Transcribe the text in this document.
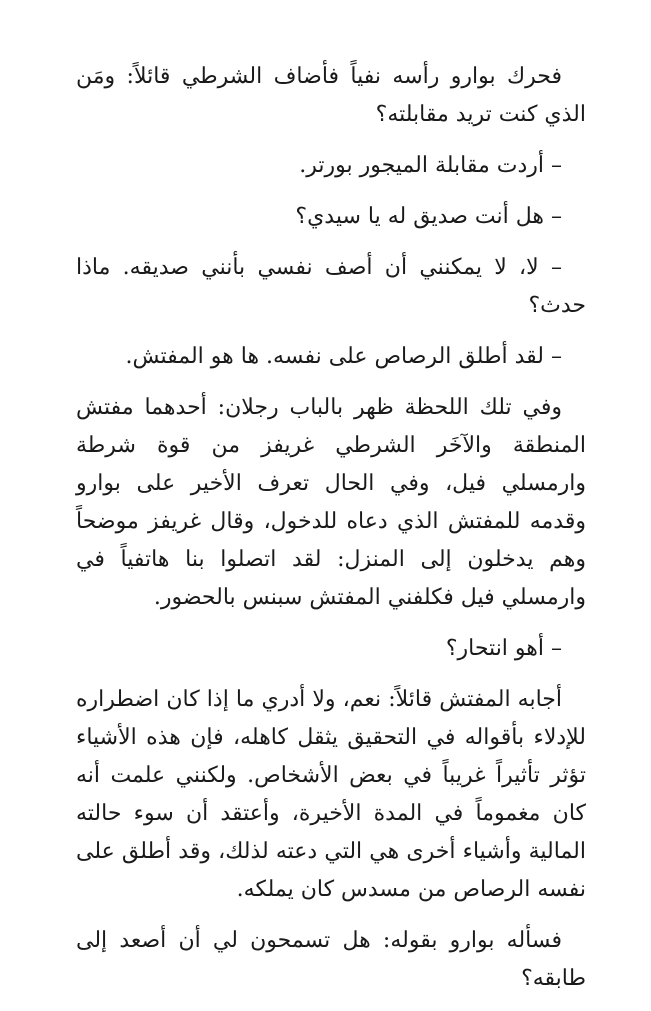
فحرك بوارو رأسه نفياً فأضاف الشرطي قائلاً: ومَن الذي كنت تريد مقابلته؟

– أردت مقابلة الميجور بورتر.

– هل أنت صديق له يا سيدي؟

– لا، لا يمكنني أن أصف نفسي بأنني صديقه. ماذا حدث؟

– لقد أطلق الرصاص على نفسه. ها هو المفتش.

وفي تلك اللحظة ظهر بالباب رجلان: أحدهما مفتش المنطقة والآخَر الشرطي غريفز من قوة شرطة وارمسلي فيل، وفي الحال تعرف الأخير على بوارو وقدمه للمفتش الذي دعاه للدخول، وقال غريفز موضحاً وهم يدخلون إلى المنزل: لقد اتصلوا بنا هاتفياً في وارمسلي فيل فكلفني المفتش سبنس بالحضور.

– أهو انتحار؟

أجابه المفتش قائلاً: نعم، ولا أدري ما إذا كان اضطراره للإدلاء بأقواله في التحقيق يثقل كاهله، فإن هذه الأشياء تؤثر تأثيراً غريباً في بعض الأشخاص. ولكنني علمت أنه كان مغموماً في المدة الأخيرة، وأعتقد أن سوء حالته المالية وأشياء أخرى هي التي دعته لذلك، وقد أطلق على نفسه الرصاص من مسدس كان يملكه.

فسأله بوارو بقوله: هل تسمحون لي أن أصعد إلى طابقه؟
